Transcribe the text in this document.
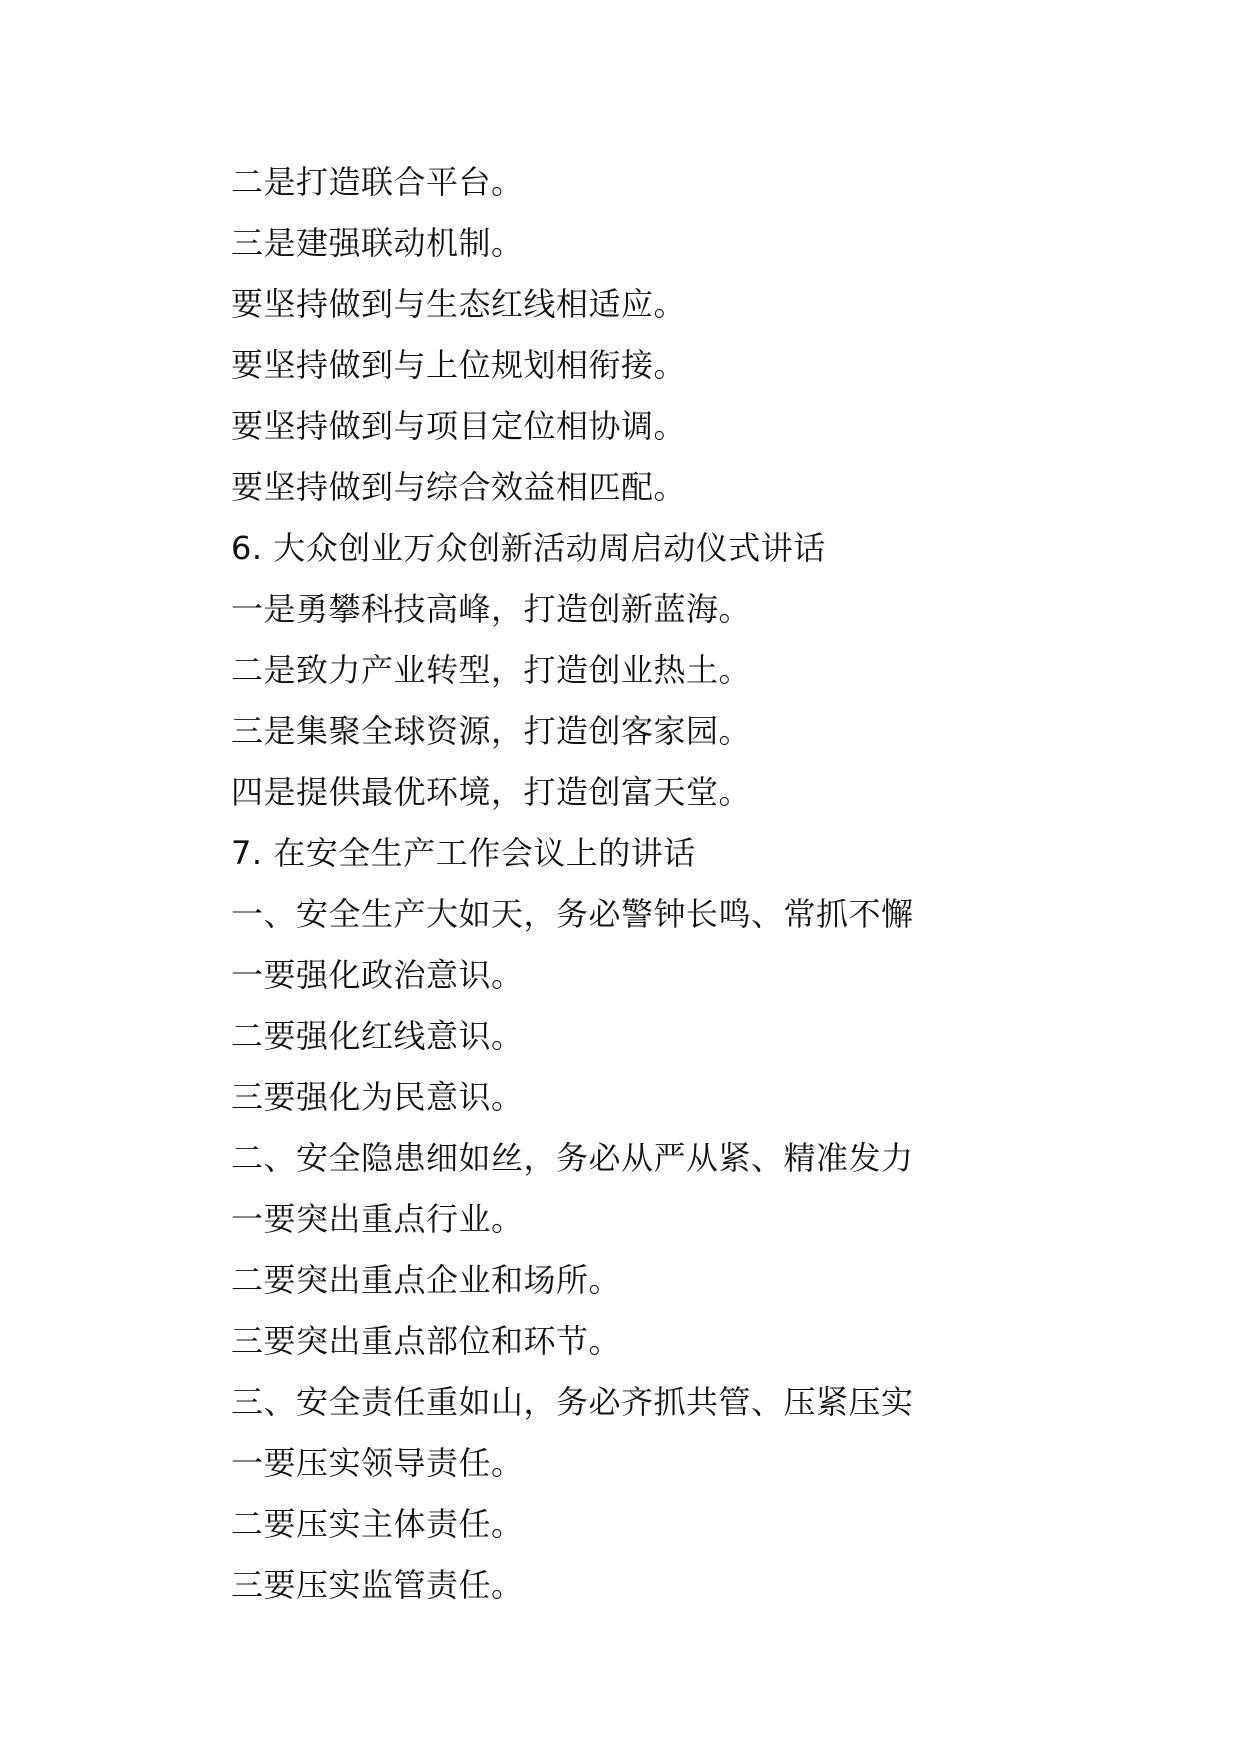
二是打造联合平台。

三是建强联动机制。

要坚持做到与生态红线相适应。

要坚持做到与上位规划相衔接。

要坚持做到与项目定位相协调。

要坚持做到与综合效益相匹配。

6. 大众创业万众创新活动周启动仪式讲话

一是勇攀科技高峰，打造创新蓝海。

二是致力产业转型，打造创业热土。

三是集聚全球资源，打造创客家园。

四是提供最优环境，打造创富天堂。

7. 在安全生产工作会议上的讲话

一、安全生产大如天，务必警钟长鸣、常抓不懈

一要强化政治意识。

二要强化红线意识。

三要强化为民意识。

二、安全隐患细如丝，务必从严从紧、精准发力

一要突出重点行业。

二要突出重点企业和场所。

三要突出重点部位和环节。

三、安全责任重如山，务必齐抓共管、压紧压实

一要压实领导责任。

二要压实主体责任。

三要压实监管责任。
